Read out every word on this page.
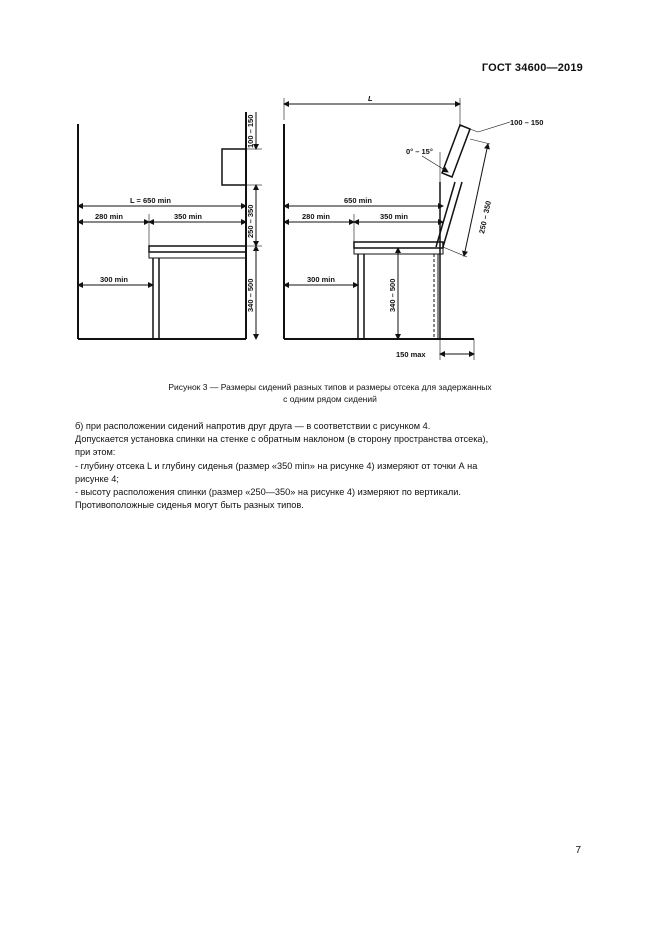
ГОСТ 34600—2019
L = 650 min
280 min	350 min
300 min
100 – 150
250 – 350
340 – 500
L
650 min
280 min	350 min
300 min	340 – 500
0° – 15°
100 – 150
250 – 350
150 max
Рисунок 3 — Размеры сидений разных типов и размеры отсека для задержанных
с одним рядом сидений

б) при расположении сидений напротив друг друга — в соответствии с рисунком 4.

Допускается установка спинки на стенке с обратным наклоном (в сторону пространства отсека),

при этом:

- глубину отсека L и глубину сиденья (размер «350 min» на рисунке 4) измеряют от точки А на

рисунке 4;

- высоту расположения спинки (размер «250—350» на рисунке 4) измеряют по вертикали.

Противоположные сиденья могут быть разных типов.

7
